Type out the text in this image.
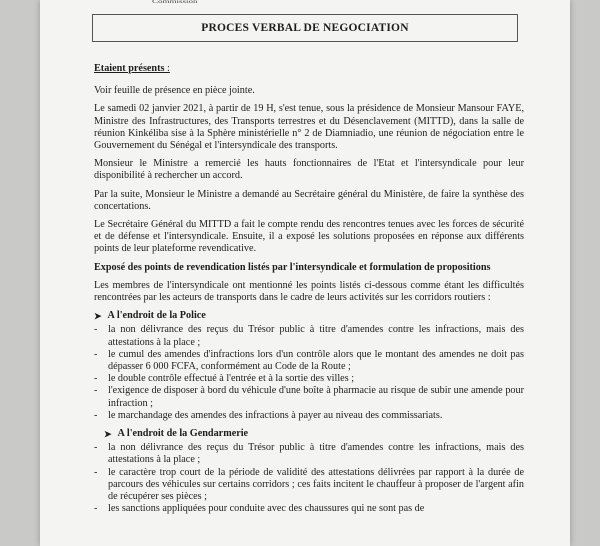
Commission
PROCES VERBAL DE NEGOCIATION
Etaient présents :

Voir feuille de présence en pièce jointe.

Le samedi 02 janvier 2021, à partir de 19 H, s'est tenue, sous la présidence de Monsieur Mansour FAYE, Ministre des Infrastructures, des Transports terrestres et du Désenclavement (MITTD), dans la salle de réunion Kinkéliba sise à la Sphère ministérielle n° 2 de Diamniadio, une réunion de négociation entre le Gouvernement du Sénégal et l'intersyndicale des transports.

Monsieur le Ministre a remercié les hauts fonctionnaires de l'Etat et l'intersyndicale pour leur disponibilité à rechercher un accord.

Par la suite, Monsieur le Ministre a demandé au Secrétaire général du Ministère, de faire la synthèse des concertations.

Le Secrétaire Général du MITTD a fait le compte rendu des rencontres tenues avec les forces de sécurité et de défense et l'intersyndicale. Ensuite, il a exposé les solutions proposées en réponse aux différents points de leur plateforme revendicative.

Exposé des points de revendication listés par l'intersyndicale et formulation de propositions

Les membres de l'intersyndicale ont mentionné les points listés ci-dessous comme étant les difficultés rencontrées par les acteurs de transports dans le cadre de leurs activités sur les corridors routiers :

➤ A l'endroit de la Police
- la non délivrance des reçus du Trésor public à titre d'amendes contre les infractions, mais des attestations à la place ;
- le cumul des amendes d'infractions lors d'un contrôle alors que le montant des amendes ne doit pas dépasser 6 000 FCFA, conformément au Code de la Route ;
- le double contrôle effectué à l'entrée et à la sortie des villes ;
- l'exigence de disposer à bord du véhicule d'une boîte à pharmacie au risque de subir une amende pour infraction ;
- le marchandage des amendes des infractions à payer au niveau des commissariats.
➤ A l'endroit de la Gendarmerie
- la non délivrance des reçus du Trésor public à titre d'amendes contre les infractions, mais des attestations à la place ;
- le caractère trop court de la période de validité des attestations délivrées par rapport à la durée de parcours des véhicules sur certains corridors ; ces faits incitent le chauffeur à proposer de l'argent afin de récupérer ses pièces ;
- les sanctions appliquées pour conduite avec des chaussures qui ne sont pas de
